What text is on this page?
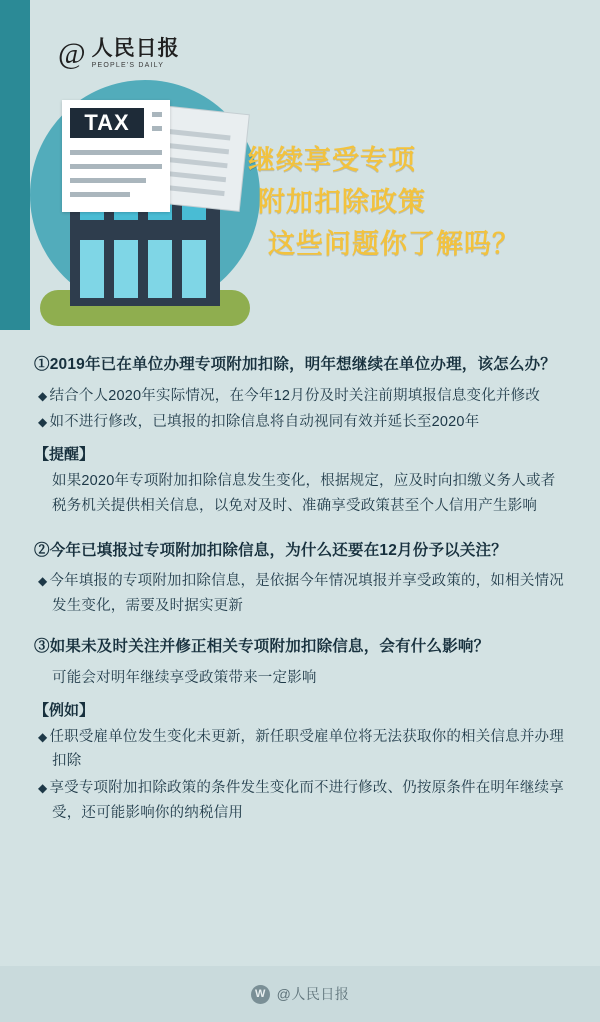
@ 人民日报
PEOPLE'S DAILY
TAX
继续享受专项
附加扣除政策
这些问题你了解吗？

①2019年已在单位办理专项附加扣除，明年想继续在单位办理，该怎么办？

◆ 结合个人2020年实际情况，在今年12月份及时关注前期填报信息变化并修改

◆ 如不进行修改，已填报的扣除信息将自动视同有效并延长至2020年

【提醒】

如果2020年专项附加扣除信息发生变化，根据规定，应及时向扣缴义务人或者税务机关提供相关信息，以免对及时、准确享受政策甚至个人信用产生影响

②今年已填报过专项附加扣除信息，为什么还要在12月份予以关注？

◆ 今年填报的专项附加扣除信息，是依据今年情况填报并享受政策的，如相关情况发生变化，需要及时据实更新

③如果未及时关注并修正相关专项附加扣除信息，会有什么影响？

可能会对明年继续享受政策带来一定影响

【例如】

◆ 任职受雇单位发生变化未更新，新任职受雇单位将无法获取你的相关信息并办理扣除

◆ 享受专项附加扣除政策的条件发生变化而不进行修改、仍按原条件在明年继续享受，还可能影响你的纳税信用

W @人民日报
